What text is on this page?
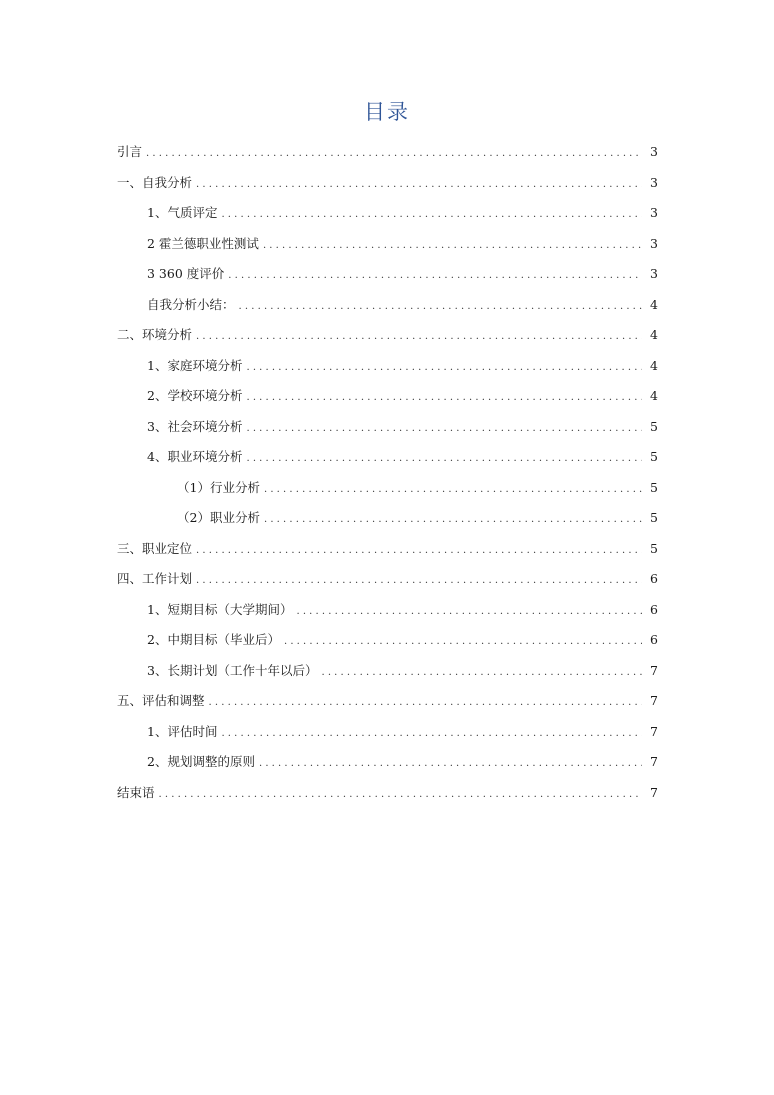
目录
引言 . . .	3
一、自我分析 . . .	3
1、气质评定 . . .	3
2 霍兰德职业性测试 . . .	3
3 360 度评价 . . .	3
自我分析小结： . . .	4
二、环境分析 . . .	4
1、家庭环境分析 . . .	4
2、学校环境分析 . . .	4
3、社会环境分析 . . .	5
4、职业环境分析 . . .	5
（1）行业分析 . . .	5
（2）职业分析 . . .	5
三、职业定位 . . .	5
四、工作计划 . . .	6
1、短期目标（大学期间） . . .	6
2、中期目标（毕业后） . . .	6
3、长期计划（工作十年以后） . . .	7
五、评估和调整 . . .	7
1、评估时间 . . .	7
2、规划调整的原则 . . .	7
结束语 . . .	7
